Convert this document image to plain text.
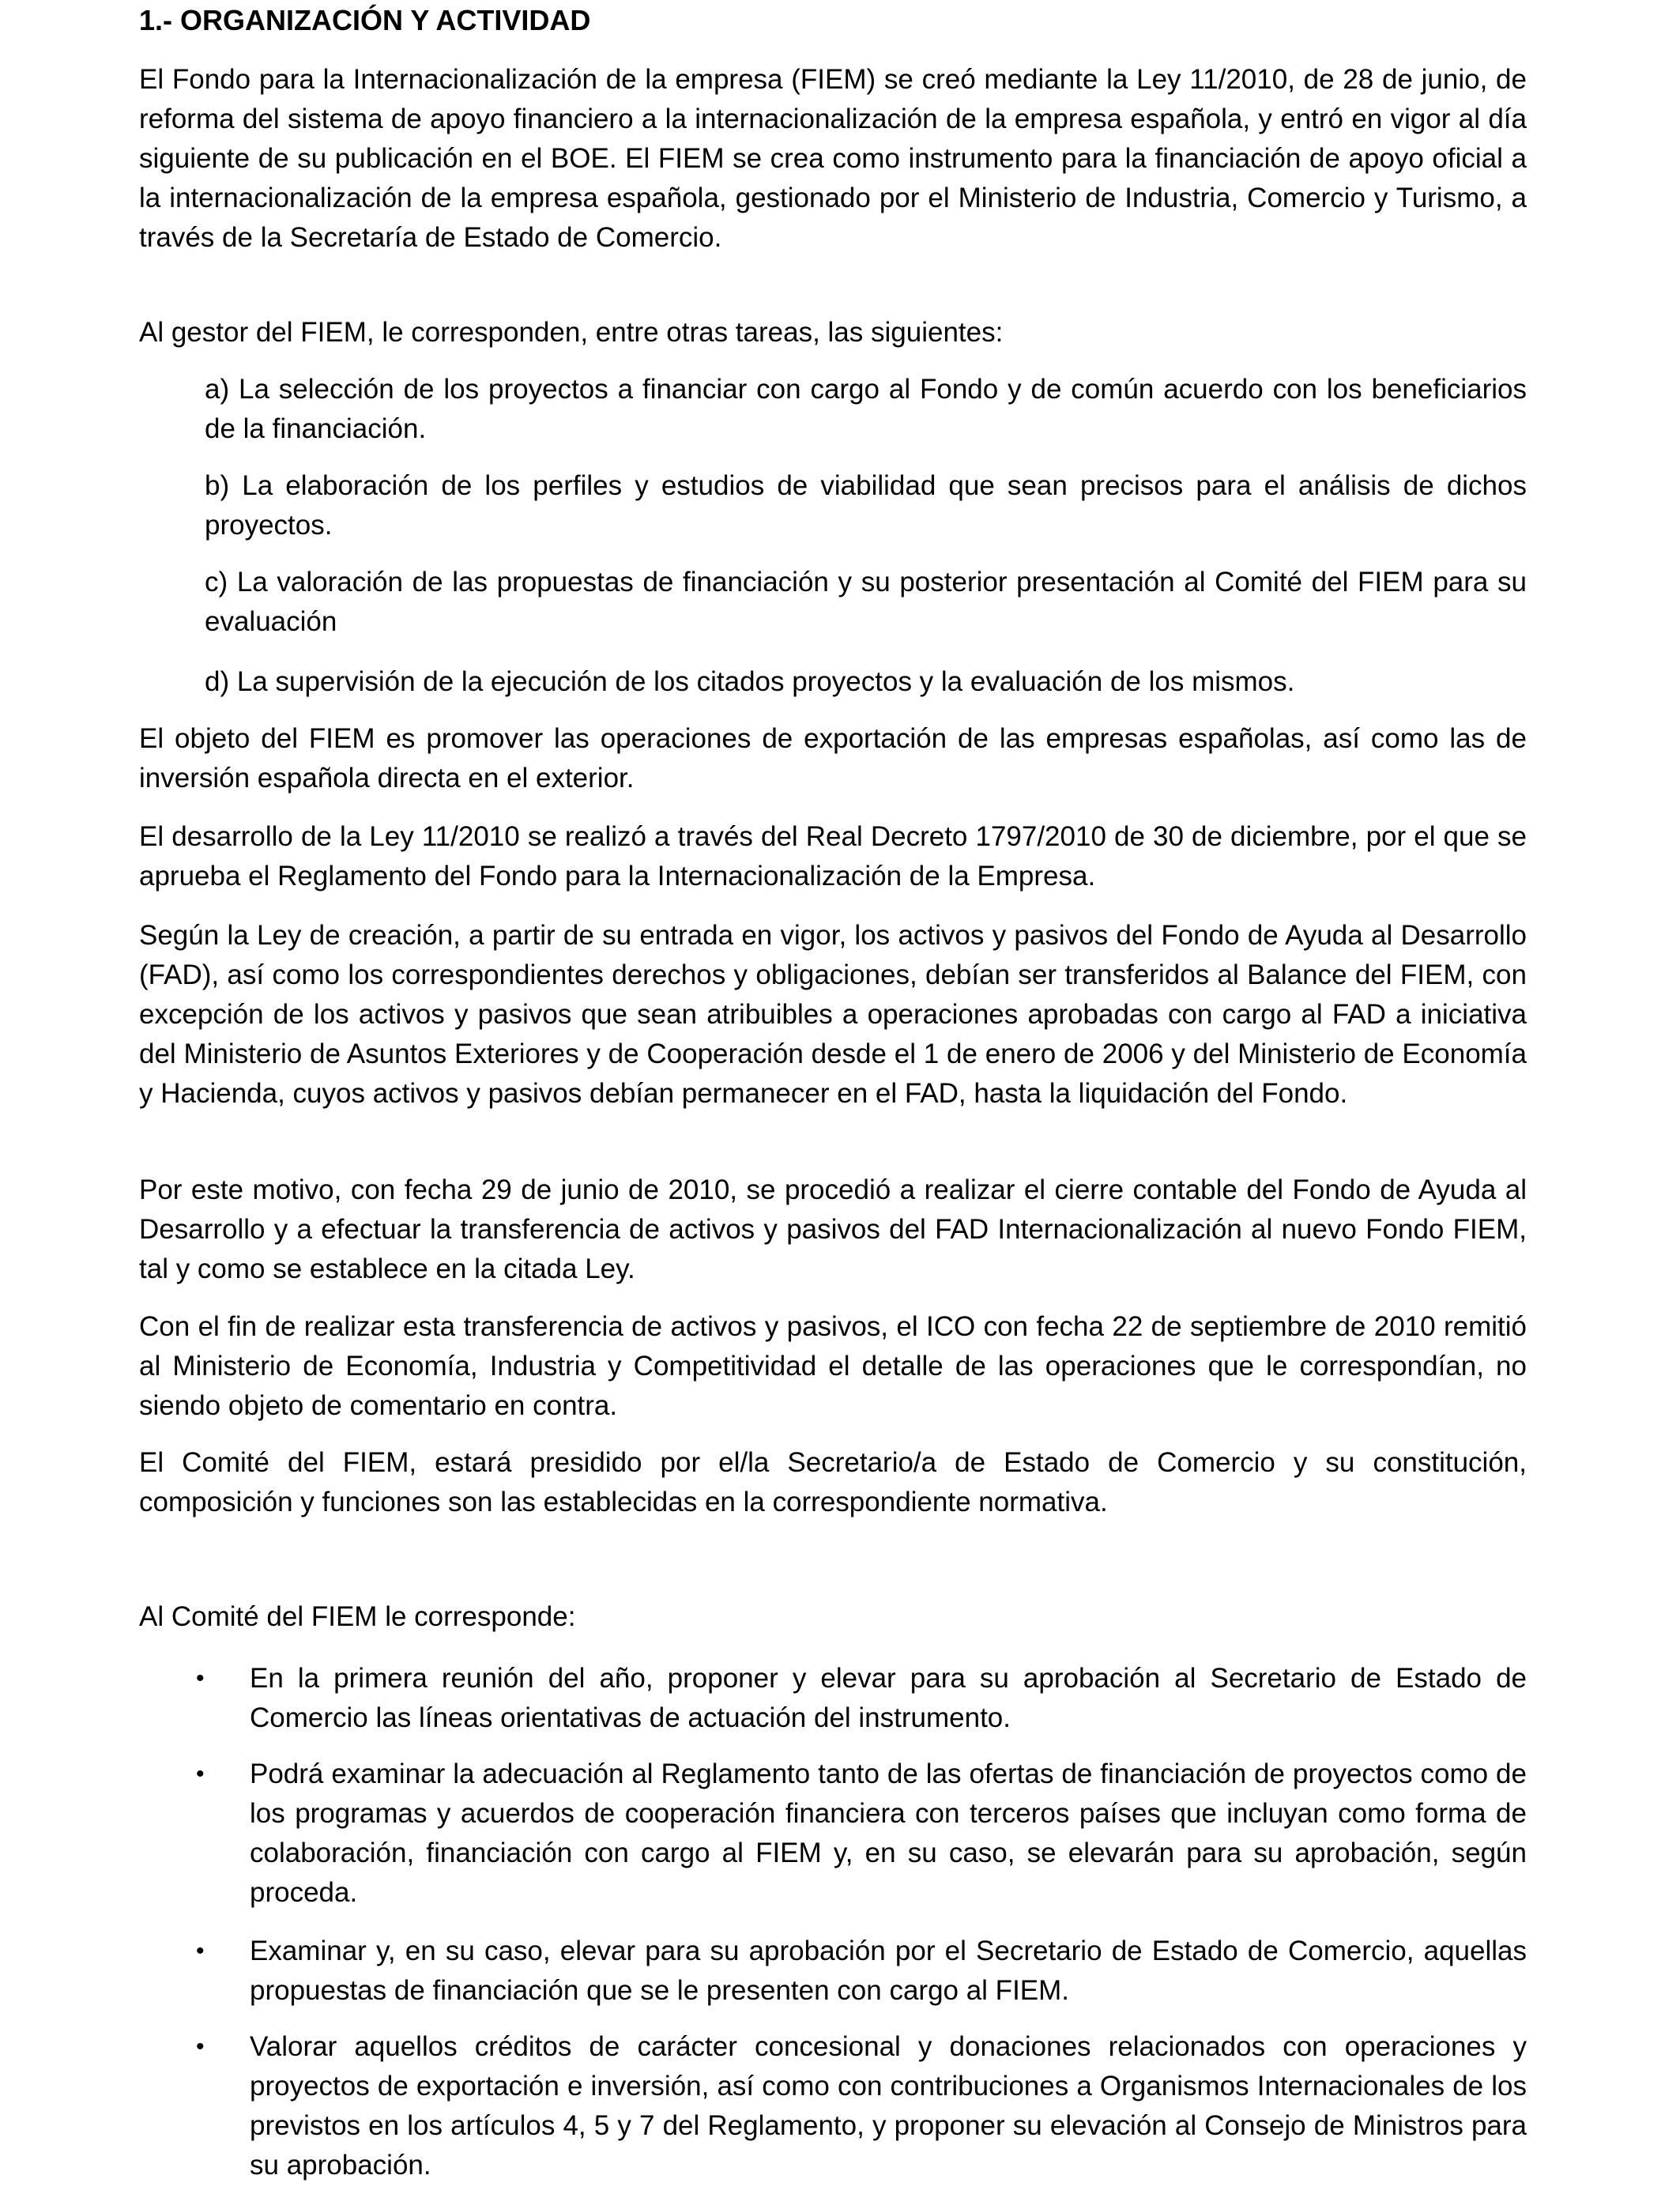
1.- ORGANIZACIÓN Y ACTIVIDAD

El Fondo para la Internacionalización de la empresa (FIEM) se creó mediante la Ley 11/2010, de 28 de junio, de reforma del sistema de apoyo financiero a la internacionalización de la empresa española, y entró en vigor al día siguiente de su publicación en el BOE. El FIEM se crea como instrumento para la financiación de apoyo oficial a la internacionalización de la empresa española, gestionado por el Ministerio de Industria, Comercio y Turismo, a través de la Secretaría de Estado de Comercio.

Al gestor del FIEM, le corresponden, entre otras tareas, las siguientes:

a) La selección de los proyectos a financiar con cargo al Fondo y de común acuerdo con los beneficiarios de la financiación.

b) La elaboración de los perfiles y estudios de viabilidad que sean precisos para el análisis de dichos proyectos.

c) La valoración de las propuestas de financiación y su posterior presentación al Comité del FIEM para su evaluación

d) La supervisión de la ejecución de los citados proyectos y la evaluación de los mismos.

El objeto del FIEM es promover las operaciones de exportación de las empresas españolas, así como las de inversión española directa en el exterior.

El desarrollo de la Ley 11/2010 se realizó a través del Real Decreto 1797/2010 de 30 de diciembre, por el que se aprueba el Reglamento del Fondo para la Internacionalización de la Empresa.

Según la Ley de creación, a partir de su entrada en vigor, los activos y pasivos del Fondo de Ayuda al Desarrollo (FAD), así como los correspondientes derechos y obligaciones, debían ser transferidos al Balance del FIEM, con excepción de los activos y pasivos que sean atribuibles a operaciones aprobadas con cargo al FAD a iniciativa del Ministerio de Asuntos Exteriores y de Cooperación desde el 1 de enero de 2006 y del Ministerio de Economía y Hacienda, cuyos activos y pasivos debían permanecer en el FAD, hasta la liquidación del Fondo.

Por este motivo, con fecha 29 de junio de 2010, se procedió a realizar el cierre contable del Fondo de Ayuda al Desarrollo y a efectuar la transferencia de activos y pasivos del FAD Internacionalización al nuevo Fondo FIEM, tal y como se establece en la citada Ley.

Con el fin de realizar esta transferencia de activos y pasivos, el ICO con fecha 22 de septiembre de 2010 remitió al Ministerio de Economía, Industria y Competitividad el detalle de las operaciones que le correspondían, no siendo objeto de comentario en contra.

El Comité del FIEM, estará presidido por el/la Secretario/a de Estado de Comercio y su constitución, composición y funciones son las establecidas en la correspondiente normativa.

Al Comité del FIEM le corresponde:

• En la primera reunión del año, proponer y elevar para su aprobación al Secretario de Estado de Comercio las líneas orientativas de actuación del instrumento.
• Podrá examinar la adecuación al Reglamento tanto de las ofertas de financiación de proyectos como de los programas y acuerdos de cooperación financiera con terceros países que incluyan como forma de colaboración, financiación con cargo al FIEM y, en su caso, se elevarán para su aprobación, según proceda.
• Examinar y, en su caso, elevar para su aprobación por el Secretario de Estado de Comercio, aquellas propuestas de financiación que se le presenten con cargo al FIEM.
• Valorar aquellos créditos de carácter concesional y donaciones relacionados con operaciones y proyectos de exportación e inversión, así como con contribuciones a Organismos Internacionales de los previstos en los artículos 4, 5 y 7 del Reglamento, y proponer su elevación al Consejo de Ministros para su aprobación.
